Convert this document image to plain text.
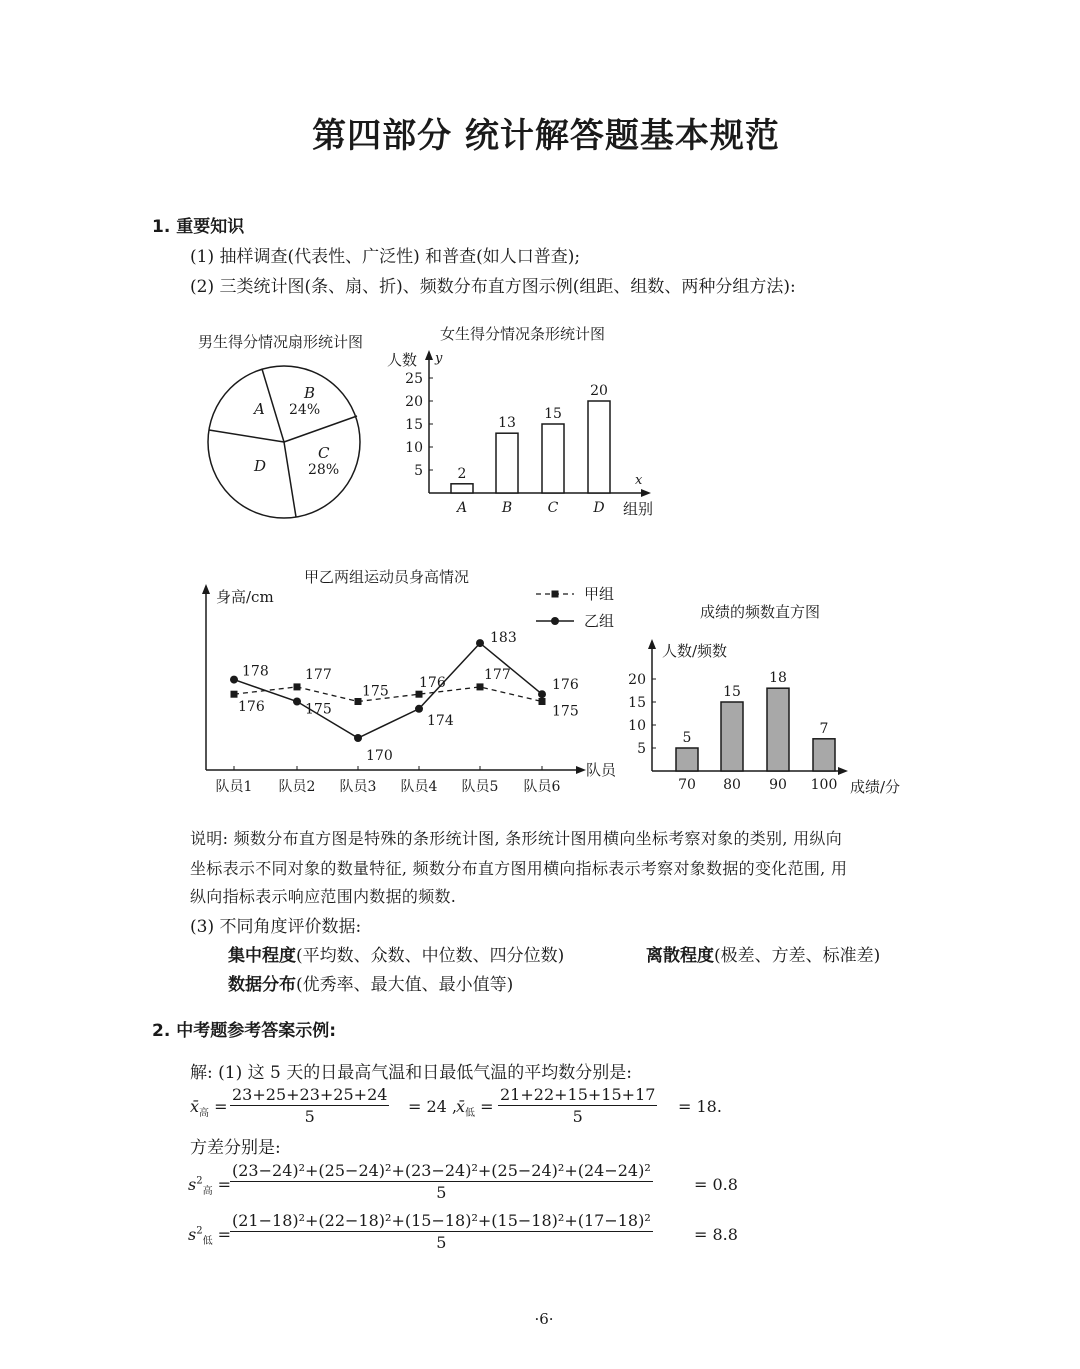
第四部分 统计解答题基本规范
1. 重要知识
(1) 抽样调查(代表性、广泛性) 和普查(如人口普查);
(2) 三类统计图(条、扇、折)、频数分布直方图示例(组距、组数、两种分组方法):
男生得分情况扇形统计图
A
B
24%
C
28%
D
女生得分情况条形统计图
人数 y
x
组别
5
10
15
20
25
2
A
13
B
15
C
20
D
甲乙两组运动员身高情况
身高/cm
队员
队员1 队员2 队员3 队员4 队员5 队员6
176
177
175
176
177
175
178
175
170
174
183
176
甲组
乙组	成绩的频数直方图
人数/频数
成绩/分
5
10
15
20
5
70
15
80
18
90
7
100
说明: 频数分布直方图是特殊的条形统计图, 条形统计图用横向坐标考察对象的类别, 用纵向
坐标表示不同对象的数量特征, 频数分布直方图用横向指标表示考察对象数据的变化范围, 用
纵向指标表示响应范围内数据的频数.
(3) 不同角度评价数据:
集中程度(平均数、众数、中位数、四分位数)	离散程度(极差、方差、标准差)
数据分布(优秀率、最大值、最小值等)
2. 中考题参考答案示例:
解: (1) 这 5 天的日最高气温和日最低气温的平均数分别是:
$x̄_高 = \frac{23+25+23+25+24}{5} = 24$ ,
$x̄_低 = \frac{21+22+15+15+17}{5} = 18$.
方差分别是:
$s^2_高$ =
$\frac{\text{(23−24)²+(25−24)²+(23−24)²+(25−24)²+(24−24)²}}{5}$	= 0.8
$s^2_低$ =
$\frac{\text{(21−18)²+(22−18)²+(15−18)²+(15−18)²+(17−18)²}}{5}$	= 8.8
·6·
